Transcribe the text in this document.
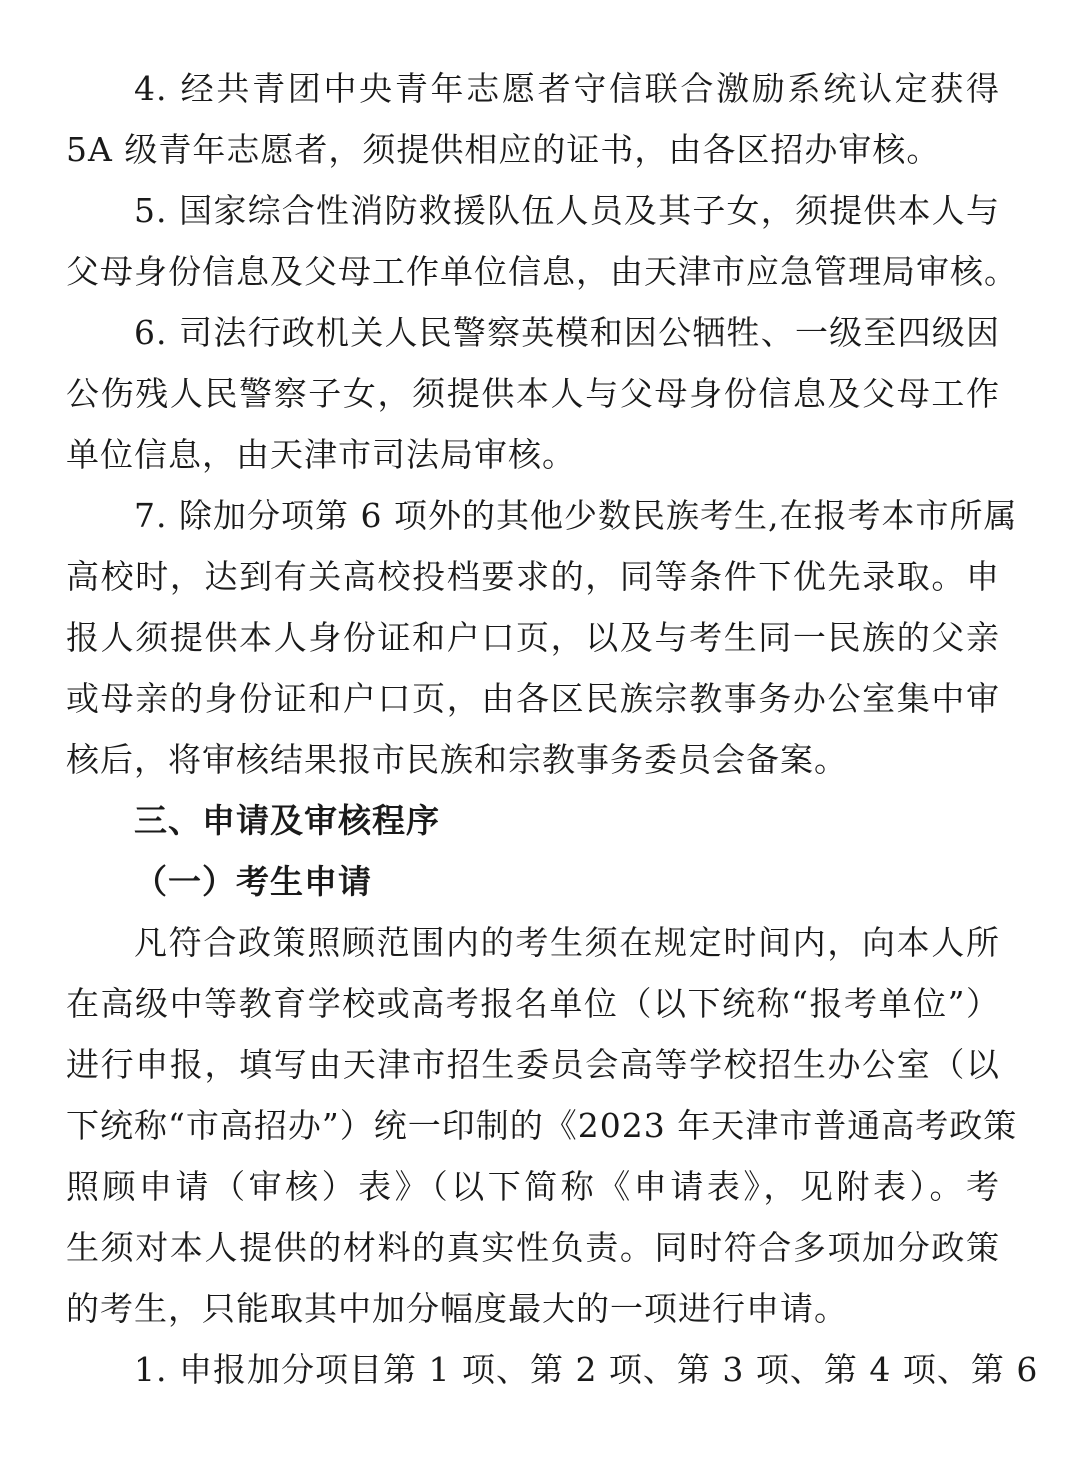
4. 经共青团中央青年志愿者守信联合激励系统认定获得
5A 级青年志愿者，须提供相应的证书，由各区招办审核。
5. 国家综合性消防救援队伍人员及其子女，须提供本人与
父母身份信息及父母工作单位信息，由天津市应急管理局审核。
6. 司法行政机关人民警察英模和因公牺牲、一级至四级因
公伤残人民警察子女，须提供本人与父母身份信息及父母工作
单位信息，由天津市司法局审核。
7. 除加分项第 6 项外的其他少数民族考生,在报考本市所属
高校时，达到有关高校投档要求的，同等条件下优先录取。申
报人须提供本人身份证和户口页，以及与考生同一民族的父亲
或母亲的身份证和户口页，由各区民族宗教事务办公室集中审
核后，将审核结果报市民族和宗教事务委员会备案。
三、申请及审核程序
（一）考生申请
凡符合政策照顾范围内的考生须在规定时间内，向本人所
在高级中等教育学校或高考报名单位（以下统称“报考单位”）
进行申报，填写由天津市招生委员会高等学校招生办公室（以
下统称“市高招办”）统一印制的《2023 年天津市普通高考政策
照顾申请（审核）表》（以下简称《申请表》，见附表）。考
生须对本人提供的材料的真实性负责。同时符合多项加分政策
的考生，只能取其中加分幅度最大的一项进行申请。
1. 申报加分项目第 1 项、第 2 项、第 3 项、第 4 项、第 6
